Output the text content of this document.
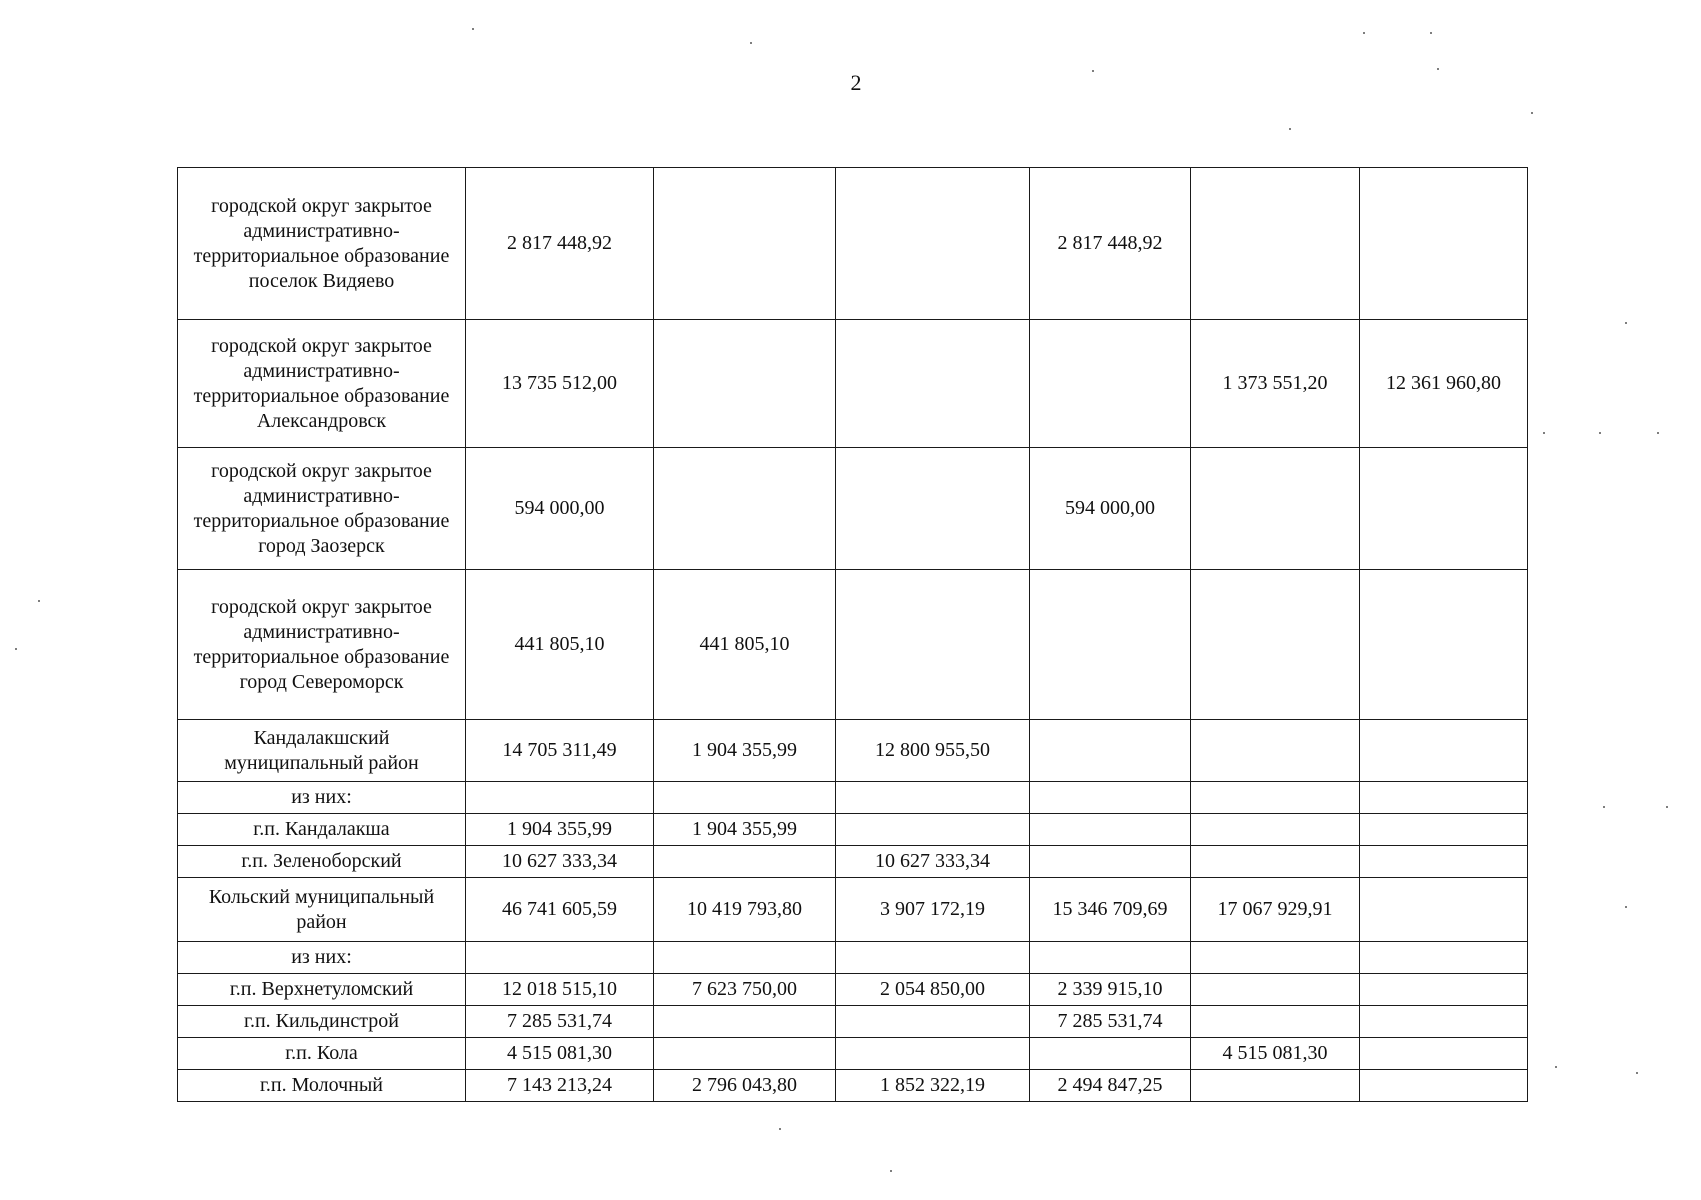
2
городской округ закрытое административно-территориальное образование поселок Видяево	2 817 448,92			2 817 448,92		
городской округ закрытое административно-территориальное образование Александровск	13 735 512,00				1 373 551,20	12 361 960,80
городской округ закрытое административно-территориальное образование город Заозерск	594 000,00			594 000,00		
городской округ закрытое административно-территориальное образование город Североморск	441 805,10	441 805,10				
Кандалакшский муниципальный район	14 705 311,49	1 904 355,99	12 800 955,50			
из них:						
г.п. Кандалакша	1 904 355,99	1 904 355,99				
г.п. Зеленоборский	10 627 333,34		10 627 333,34			
Кольский муниципальный район	46 741 605,59	10 419 793,80	3 907 172,19	15 346 709,69	17 067 929,91	
из них:						
г.п. Верхнетуломский	12 018 515,10	7 623 750,00	2 054 850,00	2 339 915,10		
г.п. Кильдинстрой	7 285 531,74			7 285 531,74		
г.п. Кола	4 515 081,30				4 515 081,30	
г.п. Молочный	7 143 213,24	2 796 043,80	1 852 322,19	2 494 847,25		
